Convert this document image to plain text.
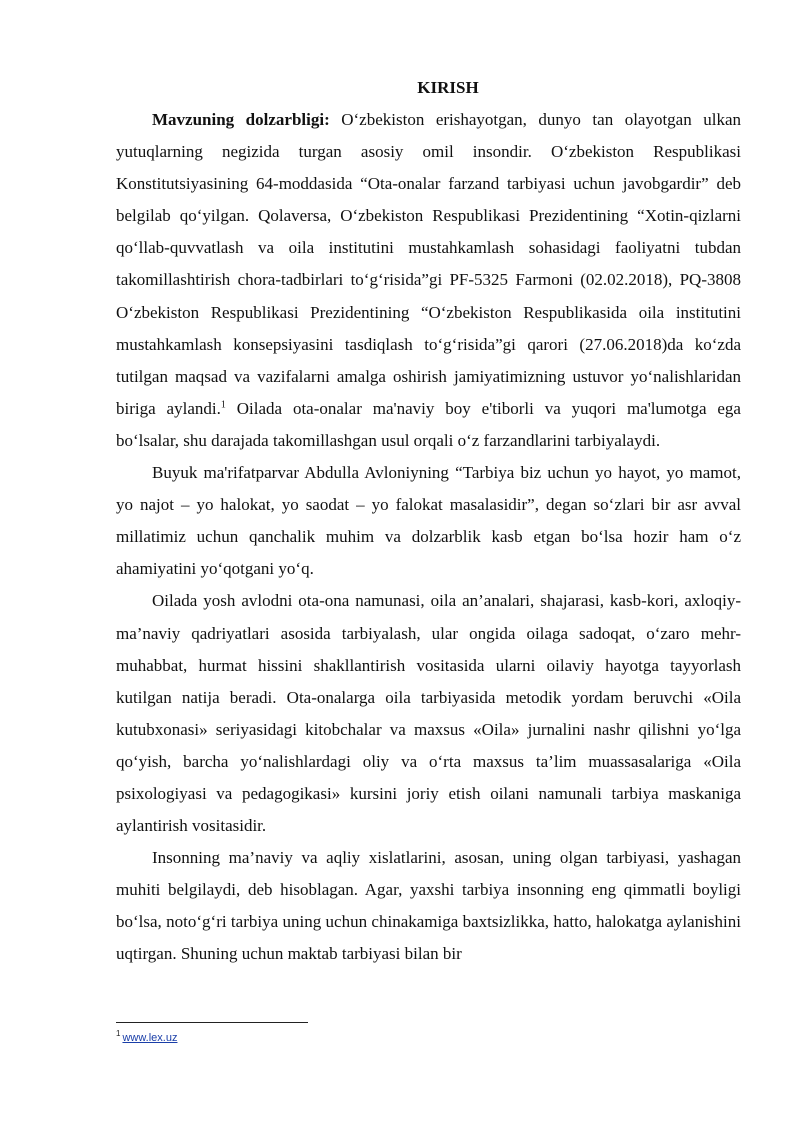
KIRISH

Mavzuning dolzarbligi: O‘zbekiston erishayotgan, dunyo tan olayotgan ulkan yutuqlarning negizida turgan asosiy omil insondir. O‘zbekiston Respublikasi Konstitutsiyasining 64-moddasida “Ota-onalar farzand tarbiyasi uchun javobgardir” deb belgilab qo‘yilgan. Qolaversa, O‘zbekiston Respublikasi Prezidentining “Xotin-qizlarni qo‘llab-quvvatlash va oila institutini mustahkamlash sohasidagi faoliyatni tubdan takomillashtirish chora-tadbirlari to‘g‘risida”gi PF-5325 Farmoni (02.02.2018), PQ-3808 O‘zbekiston Respublikasi Prezidentining “O‘zbekiston Respublikasida oila institutini mustahkamlash konsepsiyasini tasdiqlash to‘g‘risida”gi qarori (27.06.2018)da ko‘zda tutilgan maqsad va vazifalarni amalga oshirish jamiyatimizning ustuvor yo‘nalishlaridan biriga aylandi.$^1$ Oilada ota-onalar ma'naviy boy e'tiborli va yuqori ma'lumotga ega bo‘lsalar, shu darajada takomillashgan usul orqali o‘z farzandlarini tarbiyalaydi.

Buyuk ma'rifatparvar Abdulla Avloniyning “Tarbiya biz uchun yo hayot, yo mamot, yo najot – yo halokat, yo saodat – yo falokat masalasidir”, degan so‘zlari bir asr avval millatimiz uchun qanchalik muhim va dolzarblik kasb etgan bo‘lsa hozir ham o‘z ahamiyatini yo‘qotgani yo‘q.

Oilada yosh avlodni ota-ona namunasi, oila an’analari, shajarasi, kasb-kori, axloqiy-ma’naviy qadriyatlari asosida tarbiyalash, ular ongida oilaga sadoqat, o‘zaro mehr-muhabbat, hurmat hissini shakllantirish vositasida ularni oilaviy hayotga tayyorlash kutilgan natija beradi. Ota-onalarga oila tarbiyasida metodik yordam beruvchi «Oila kutubxonasi» seriyasidagi kitobchalar va maxsus «Oila» jurnalini nashr qilishni yo‘lga qo‘yish, barcha yo‘nalishlardagi oliy va o‘rta maxsus ta’lim muassasalariga «Oila psixologiyasi va pedagogikasi» kursini joriy etish oilani namunali tarbiya maskaniga aylantirish vositasidir.

Insonning ma’naviy va aqliy xislatlarini, asosan, uning olgan tarbiyasi, yashagan muhiti belgilaydi, deb hisoblagan. Agar, yaxshi tarbiya insonning eng qimmatli boyligi bo‘lsa, noto‘g‘ri tarbiya uning uchun chinakamiga baxtsizlikka, hatto, halokatga aylanishini uqtirgan. Shuning uchun maktab tarbiyasi bilan bir

$^1$ www.lex.uz
